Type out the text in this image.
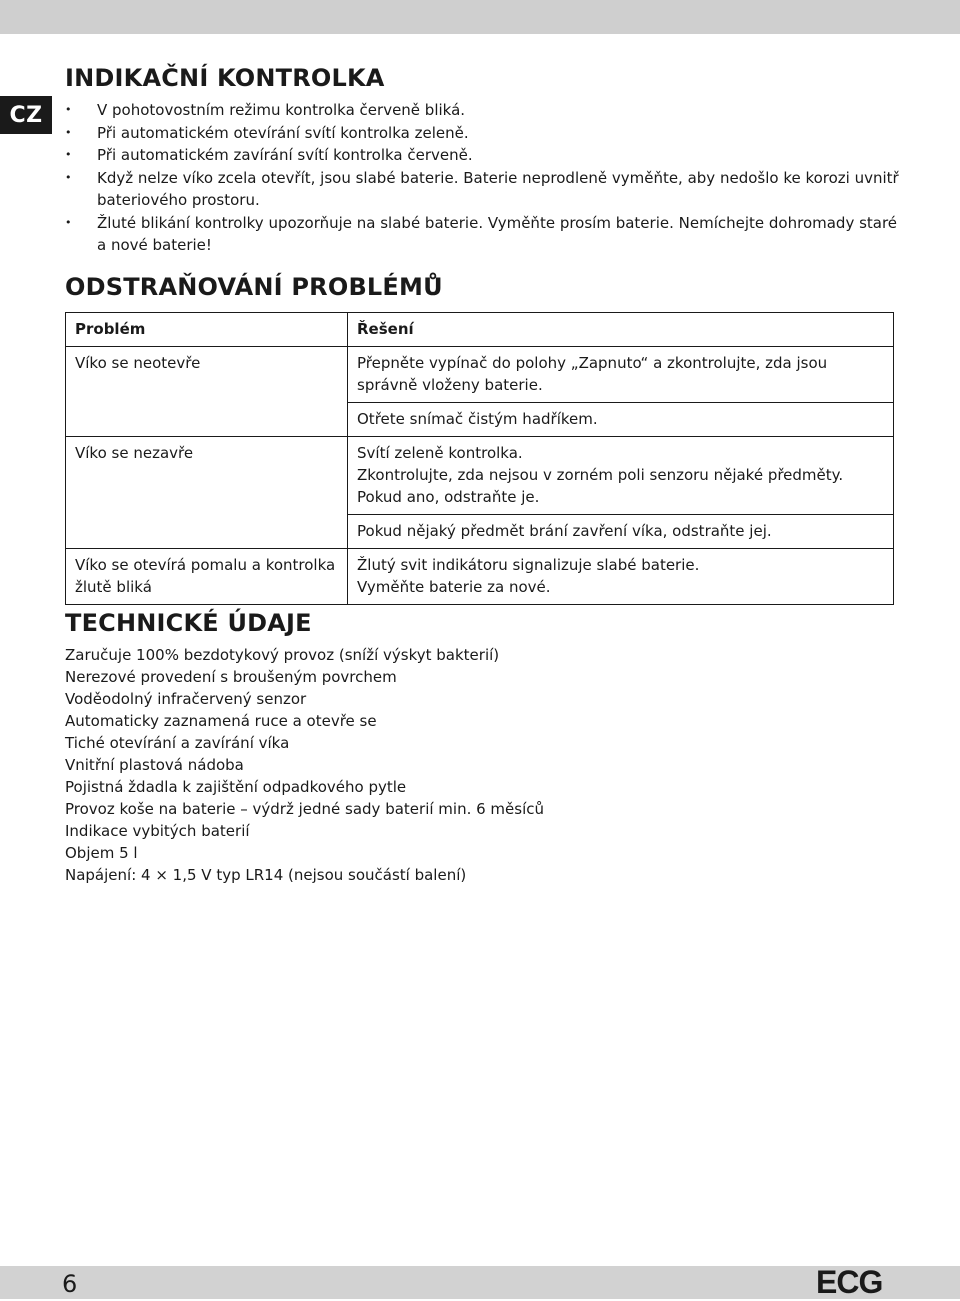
CZ
INDIKAČNÍ KONTROLKA
• V pohotovostním režimu kontrolka červeně bliká.
• Při automatickém otevírání svítí kontrolka zeleně.
• Při automatickém zavírání svítí kontrolka červeně.
• Když nelze víko zcela otevřít, jsou slabé baterie. Baterie neprodleně vyměňte, aby nedošlo ke korozi uvnitř bateriového prostoru.
• Žluté blikání kontrolky upozorňuje na slabé baterie. Vyměňte prosím baterie. Nemíchejte dohromady staré a nové baterie!
ODSTRAŇOVÁNÍ PROBLÉMŮ
Problém	Řešení
Víko se neotevře	Přepněte vypínač do polohy „Zapnuto“ a zkontrolujte, zda jsou správně vloženy baterie.
	Otřete snímač čistým hadříkem.
Víko se nezavře	Svítí zeleně kontrolka.
Zkontrolujte, zda nejsou v zorném poli senzoru nějaké předměty.
Pokud ano, odstraňte je.
	Pokud nějaký předmět brání zavření víka, odstraňte jej.
Víko se otevírá pomalu a kontrolka žlutě bliká	Žlutý svit indikátoru signalizuje slabé baterie.
Vyměňte baterie za nové.
TECHNICKÉ ÚDAJE
Zaručuje 100% bezdotykový provoz (sníží výskyt bakterií)
Nerezové provedení s broušeným povrchem
Voděodolný infračervený senzor
Automaticky zaznamená ruce a otevře se
Tiché otevírání a zavírání víka
Vnitřní plastová nádoba
Pojistná ždadla k zajištění odpadkového pytle
Provoz koše na baterie – výdrž jedné sady baterií min. 6 měsíců
Indikace vybitých baterií
Objem 5 l
Napájení: 4 × 1,5 V typ LR14 (nejsou součástí balení)
6	ECG
